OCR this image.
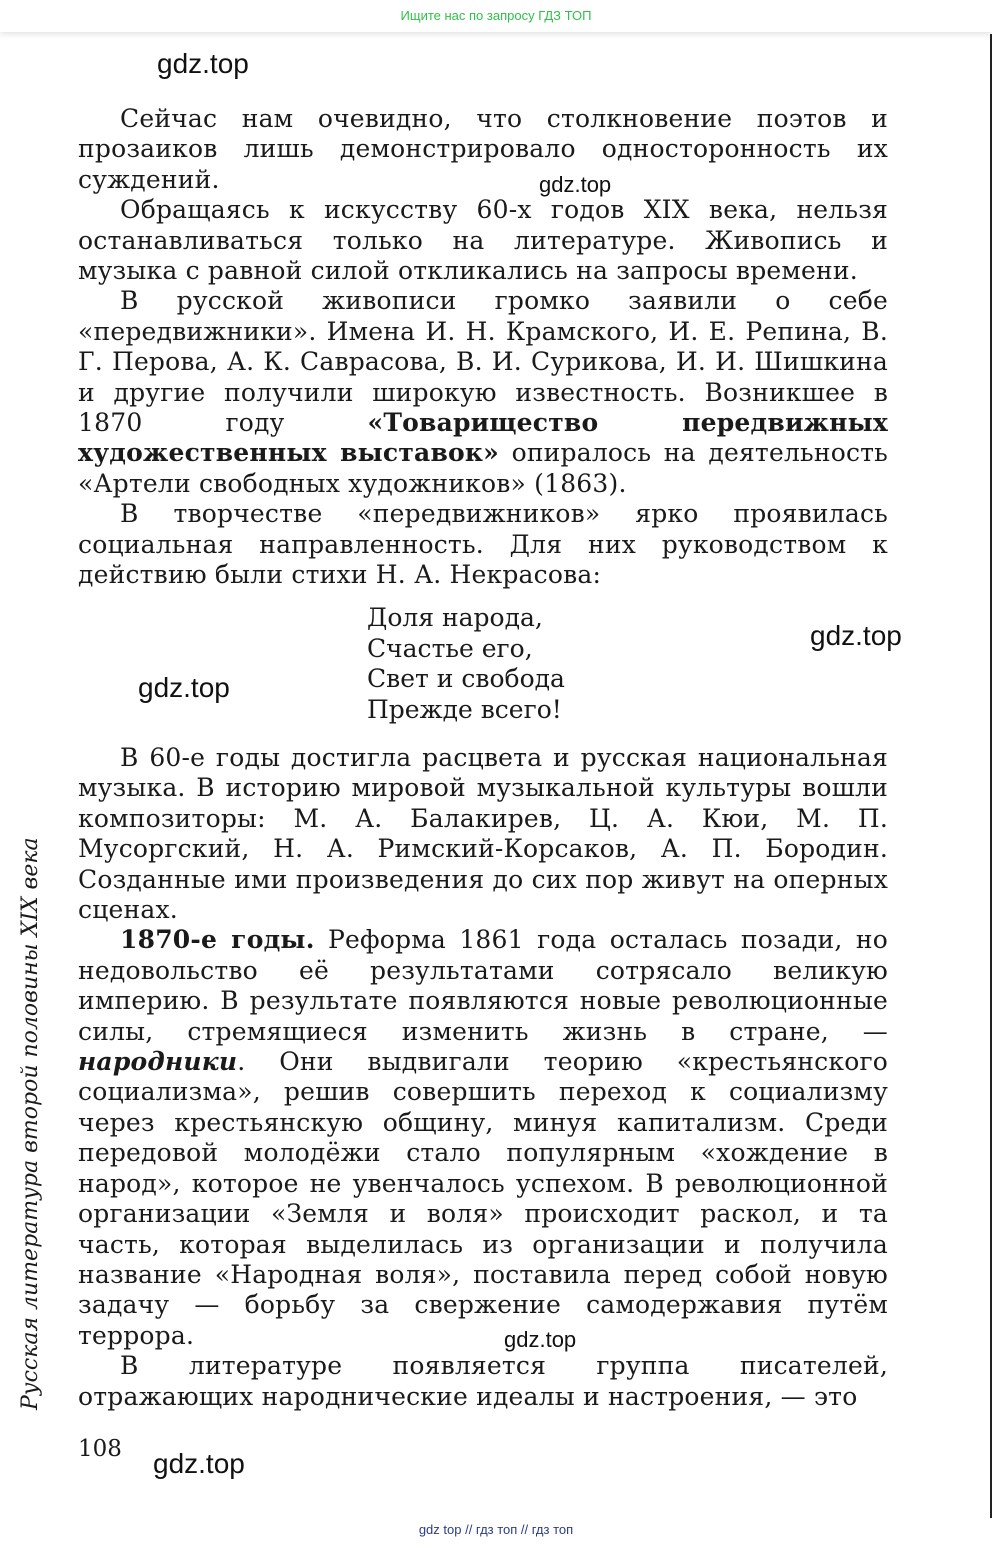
Ищите нас по запросу ГДЗ ТОП
gdz.top
gdz.top
gdz.top
gdz.top
gdz.top
gdz.top

Сейчас нам очевидно, что столкновение поэтов и прозаиков лишь демонстрировало односторонность их суждений.

Обращаясь к искусству 60-х годов XIX века, нельзя останавливаться только на литературе. Живопись и музыка с равной силой откликались на запросы времени.

В русской живописи громко заявили о себе «передвижники». Имена И. Н. Крамского, И. Е. Репина, В. Г. Перова, А. К. Саврасова, В. И. Сурикова, И. И. Шишкина и другие получили широкую известность. Возникшее в 1870 году «Товарищество передвижных художественных выставок» опиралось на деятельность «Артели свободных художников» (1863).

В творчестве «передвижников» ярко проявилась социальная направленность. Для них руководством к действию были стихи Н. А. Некрасова:

Доля народа,
Счастье его,
Свет и свобода
Прежде всего!

В 60-е годы достигла расцвета и русская национальная музыка. В историю мировой музыкальной культуры вошли композиторы: М. А. Балакирев, Ц. А. Кюи, М. П. Мусоргский, Н. А. Римский-Корсаков, А. П. Бородин. Созданные ими произведения до сих пор живут на оперных сценах.

1870-е годы. Реформа 1861 года осталась позади, но недовольство её результатами сотрясало великую империю. В результате появляются новые революционные силы, стремящиеся изменить жизнь в стране, — народники. Они выдвигали теорию «крестьянского социализма», решив совершить переход к социализму через крестьянскую общину, минуя капитализм. Среди передовой молодёжи стало популярным «хождение в народ», которое не увенчалось успехом. В революционной организации «Земля и воля» происходит раскол, и та часть, которая выделилась из организации и получила название «Народная воля», поставила перед собой новую задачу — борьбу за свержение самодержавия путём террора.

В литературе появляется группа писателей, отражающих народнические идеалы и настроения, — это

Русская литература второй половины XIX века
108
gdz top // гдз топ // гдз топ
